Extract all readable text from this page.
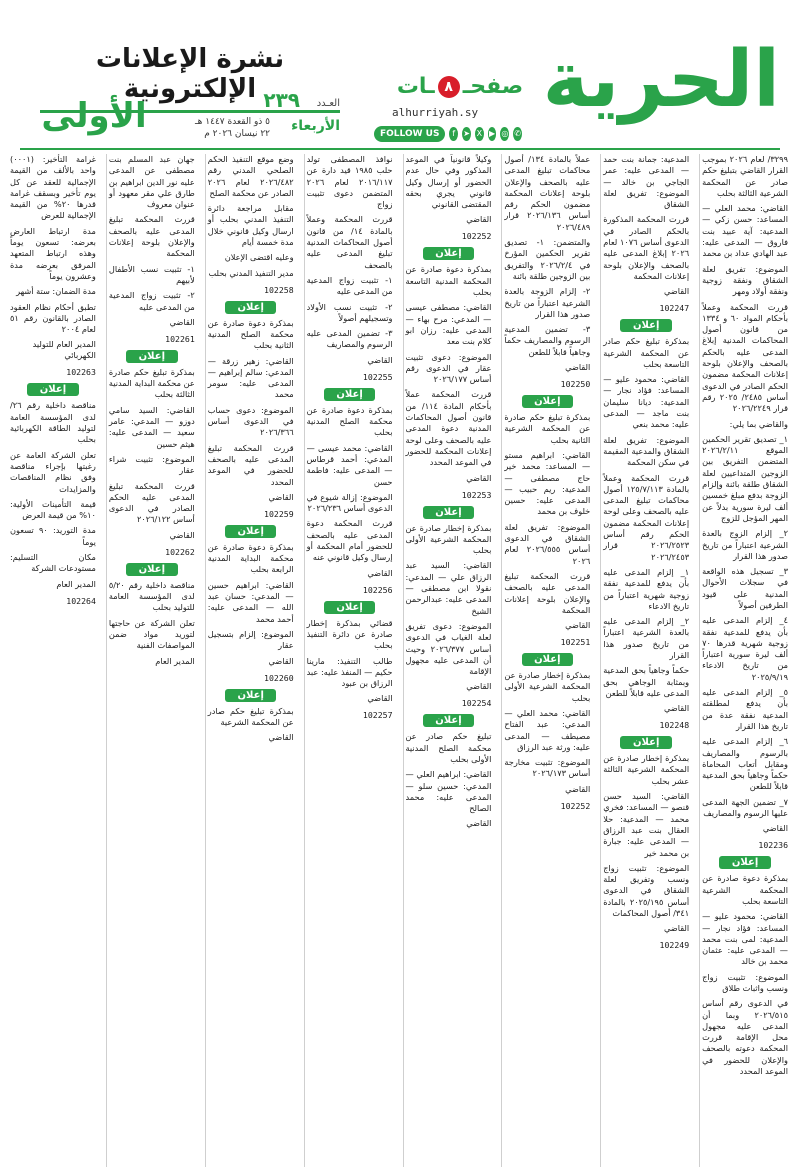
الحرية
صفحـ٨ـات
alhurriyah.sy
FOLLOW US	f ➤ X ▶ ◎ ✆
نشرة الإعلانات الإلكترونية
الأولى	العـدد
٢٣٩
الأربعاء
٥ ذو القعدة ١٤٤٧ هـ
٢٢ نيسان ٢٠٢٦ م

٣٢٩٩/ لعام ٢٠٢٦ بموجب القرار القاضي بتبليغ حكم صادر عن المحكمة الشرعية الثالثة بحلب

القاضي: محمد العلي — المساعد: حسن زكي — المدعية: آية عبيد بنت فاروق — المدعى عليه: عبد الهادي عداد بن محمد

الموضوع: تفريق لعلة الشقاق ونفقة زوجية ونفقة أولاد ومهر

قررت المحكمة وعملاً بأحكام المواد ٦٠ و ١٣٣٤ من قانون أصول المحاكمات المدنية إبلاغ المدعى عليه بالحكم بالصحف والإعلان بلوحة إعلانات المحكمة مضمون الحكم الصادر في الدعوى أساس ٢٤٨٥/ ٢٠٢٥ رقم قرار ٢٠٢٦/٢٢٤٩

والقاضي بما يلي:

١_ تصديق تقرير الحكمين الموقع ٢٠٢٦/٢/١١ المتضمن التفريق بين الزوجين المتداعيين لعلة الشقاق طلقة بائنة وإلزام الزوجة بدفع مبلغ خمسين ألف ليرة سورية بدلاً عن المهر المؤجل للزوج

٢_ إلزام الزوج بالعدة الشرعية اعتباراً من تاريخ صدور هذا القرار

٣_ تسجيل هذه الواقعة في سجلات الأحوال المدنية على قيود الطرفين أصولاً

٤_ إلزام المدعى عليه بأن يدفع للمدعية نفقة زوجية شهرية قدرها ٧٠ ألف ليرة سورية اعتباراً من تاريخ الادعاء ٢٠٢٥/٩/١٩

٥_ إلزام المدعى عليه بأن يدفع لمطلقته المدعية نفقة عدة من تاريخ هذا القرار

٦_ إلزام المدعى عليه بالرسوم والمصاريف ومقابل أتعاب المحاماة حكماً وجاهياً بحق المدعية قابلاً للطعن

٧_ تضمين الجهة المدعى عليها الرسوم والمصاريف

القاضي
102236
إعلان

بمذكرة دعوة صادرة عن المحكمة الشرعية التاسعة بحلب

القاضي: محمود عليو — المساعد: فؤاد نجار — المدعية: لمى بنت محمد — المدعى عليه: عثمان محمد بن خالد

الموضوع: تثبيت زواج ونسب واثبات طلاق

في الدعوى رقم أساس ٢٠٢٦/٥١٥ وبما أن المدعى عليه مجهول محل الإقامة قررت المحكمة دعوته بالصحف والإعلان للحضور في الموعد المحدد

المدعية: جمانة بنت حمد — المدعى عليه: عمر الجاجي بن خالد — الموضوع: تفريق لعلة الشقاق

قررت المحكمة المذكورة بالحكم الصادر في الدعوى أساس ١٠٧٦ لعام ٢٠٢٦ إبلاغ المدعى عليه بالصحف والإعلان بلوحة إعلانات المحكمة

القاضي
102247
إعلان

بمذكرة تبليغ حكم صادر عن المحكمة الشرعية التاسعة بحلب

القاضي: محمود عليو — المساعد: فؤاد نجار — المدعية: ديانا سليمان بنت ماجد — المدعى عليه: محمد بنعي

الموضوع: تفريق لعلة الشقاق والمدعية المقيمة في سكن المحكمة

قررت المحكمة وعملاً بالمادة ١٢٥/٧/١١٣ أصول محاكمات تبليغ المدعى عليه بالصحف وعلى لوحة إعلانات المحكمة مضمون الحكم رقم أساس ٢٠٢٦/٢٥٢٣ قرار ٢٠٢٦/٢٤٥٣

١_ إلزام المدعى عليه بأن يدفع للمدعية نفقة زوجية شهرية اعتباراً من تاريخ الادعاء

٢_ إلزام المدعى عليه بالعدة الشرعية اعتباراً من تاريخ صدور هذا القرار

حكماً وجاهياً بحق المدعية وبمثابة الوجاهي بحق المدعى عليه قابلاً للطعن

القاضي
102248
إعلان

بمذكرة إخطار صادرة عن المحكمة الشرعية الثالثة عشر بحلب

القاضي: السيد حسن قنصو — المساعد: فخري محمد — المدعية: حلا العقال بنت عبد الرزاق — المدعى عليه: جبارة بن محمد خير

الموضوع: تثبيت زواج ونسب وتفريق لعلة الشقاق في الدعوى أساس ٢٠٢٥/١٩٥ بالمادة ٣٤١/ أصول المحاكمات

القاضي
102249

عملاً بالمادة ١٣٤/ أصول محاكمات تبليغ المدعى عليه بالصحف والإعلان بلوحة إعلانات المحكمة مضمون الحكم رقم أساس ٢٠٢٦/١٣٦ قرار ٢٠٢٦/٤٨٩

والمتضمن: ١- تصديق تقرير الحكمين المؤرخ في ٢٠٢٦/٢/٤ والتفريق بين الزوجين طلقة بائنة

٢- إلزام الزوجة بالعدة الشرعية اعتباراً من تاريخ صدور هذا القرار

٣- تضمين المدعية الرسوم والمصاريف حكماً وجاهياً قابلاً للطعن

القاضي
102250
إعلان

بمذكرة تبليغ حكم صادرة عن المحكمة الشرعية الثانية بحلب

القاضي: ابراهيم مستو — المساعد: محمد خير حاج مصطفى — المدعية: ريم حبيب — المدعى عليه: حسين خلوف بن محمد

الموضوع: تفريق لعلة الشقاق في الدعوى أساس ٢٠٢٦/٥٥٥ لعام ٢٠٢٦

قررت المحكمة تبليغ المدعى عليه بالصحف والإعلان بلوحة إعلانات المحكمة

القاضي
102251
إعلان

بمذكرة إخطار صادرة عن المحكمة الشرعية الأولى بحلب

القاضي: محمد العلي — المدعي: عبد الفتاح مصيطف — المدعى عليه: ورثة عبد الرزاق

الموضوع: تثبيت مخارجة أساس ٢٠٢٦/١٧٣

القاضي
102252

وكيلاً قانونياً في الموعد المذكور وفي حال عدم الحضور أو إرسال وكيل قانوني يجري بحقه المقتضى القانوني

القاضي
102252
إعلان

بمذكرة دعوة صادرة عن المحكمة المدنية التاسعة بحلب

القاضي: مصطفى عيسى — المدعي: مرح بهاء — المدعى عليه: رزان ابو كلام بنت معد

الموضوع: دعوى تثبيت عقار في الدعوى رقم أساس ٢٠٢٦/١٧٧

قررت المحكمة عملاً بأحكام المادة ١١٤/ من قانون أصول المحاكمات المدنية دعوة المدعى عليه بالصحف وعلى لوحة إعلانات المحكمة للحضور في الموعد المحدد

القاضي
102253
إعلان

بمذكرة إخطار صادرة عن المحكمة الشرعية الأولى بحلب

القاضي: السيد عبد الرزاق علي — المدعي: نقولا ابن مصطفى — المدعى عليه: عبدالرحمن الشيخ

الموضوع: دعوى تفريق لعلة الغياب في الدعوى أساس ٢٠٢٦/٣٧٧ وحيث أن المدعى عليه مجهول الإقامة

القاضي
102254
إعلان

تبليغ حكم صادر عن محكمة الصلح المدنية الأولى بحلب

القاضي: ابراهيم العلي — المدعي: حسين سلو — المدعى عليه: محمد الصالح

القاضي

نوافذ المصطفى تولد حلب ١٩٨٥ قيد دارة عن ٢٠١٦/١١٧ لعام ٢٠٢٦ المتضمن دعوى تثبيت زواج

قررت المحكمة وعملاً بالمادة ١٤/ من قانون أصول المحاكمات المدنية تبليغ المدعى عليه بالصحف

١- تثبيت زواج المدعية من المدعى عليه

٢- تثبيت نسب الأولاد وتسجيلهم أصولاً

٣- تضمين المدعى عليه الرسوم والمصاريف

القاضي
102255
إعلان

بمذكرة دعوة صادرة عن محكمة الصلح المدنية بحلب

القاضي: محمد عيسى — المدعي: أحمد قرطاس — المدعى عليه: فاطمة حسن

الموضوع: إزالة شيوع في الدعوى أساس ٢٠٢٦/٢٣٦

قررت المحكمة دعوة المدعى عليه بالصحف للحضور أمام المحكمة أو إرسال وكيل قانوني عنه

القاضي
102256
إعلان

قضائي بمذكرة إخطار صادرة عن دائرة التنفيذ بحلب

طالب التنفيذ: مارينا حكيم — المنفذ عليه: عبد الرزاق بن عبود

القاضي
102257

وضع موقع التنفيذ الحكم الصلحي المدني رقم ٢٠٢٦/٤٨٢ لعام ٢٠٢٦ الصادر عن محكمة الصلح

مقابل مراجعة دائرة التنفيذ المدني بحلب أو ارسال وكيل قانوني خلال مدة خمسة أيام

وعليه اقتضى الإعلان

مدير التنفيذ المدني بحلب
102258
إعلان

بمذكرة دعوة صادرة عن محكمة الصلح المدنية الثانية بحلب

القاضي: زهير زرقة — المدعي: سالم إبراهيم — المدعى عليه: سومر محمد

الموضوع: دعوى حساب في الدعوى أساس ٢٠٢٦/٣٦٦

قررت المحكمة تبليغ المدعى عليه بالصحف للحضور في الموعد المحدد

القاضي
102259
إعلان

بمذكرة دعوة صادرة عن محكمة البداية المدنية الرابعة بحلب

القاضي: ابراهيم حسين — المدعي: حسان عبد الله — المدعى عليه: أحمد محمد

الموضوع: إلزام بتسجيل عقار

القاضي
102260
إعلان

بمذكرة تبليغ حكم صادر عن المحكمة الشرعية

القاضي

جهان عبد المسلم بنت مصطفى عن المدعى عليه نور الدين ابراهيم بن طارق علي مقر معهود أو عنوان معروف

قررت المحكمة تبليغ المدعى عليه بالصحف والإعلان بلوحة إعلانات المحكمة

١- تثبيت نسب الأطفال لأبيهم

٢- تثبيت زواج المدعية من المدعى عليه

القاضي
102261
إعلان

بمذكرة تبليغ حكم صادرة عن محكمة البداية المدنية الثالثة بحلب

القاضي: السيد سامي دوزو — المدعي: عامر سعيد — المدعى عليه: هيثم حسين

الموضوع: تثبيت شراء عقار

قررت المحكمة تبليغ المدعى عليه الحكم الصادر في الدعوى أساس ٢٠٢٦/١٢٢

القاضي
102262
إعلان

مناقصة داخلية رقم ٥/٢٠ لدى المؤسسة العامة للتوليد بحلب

تعلن الشركة عن حاجتها لتوريد مواد ضمن المواصفات الفنية

المدير العام

غرامة التأخير: (٠٠٠١) واحد بالألف من القيمة الإجمالية للعقد عن كل يوم تأخير وبسقف غرامة قدرها ٢٠% من القيمة الإجمالية للعرض

مدة ارتباط العارض بعرضه: تسعون يوماً وهذه ارتباط المتعهد المرفق بعرضه مدة وعشرون يوماً

مدة الضمان: ستة أشهر

تطبق أحكام نظام العقود الصادر بالقانون رقم ٥١ لعام ٢٠٠٤

المدير العام للتوليد الكهربائي
102263
إعلان

مناقصة داخلية رقم ٢٦/ لدى المؤسسة العامة لتوليد الطاقة الكهربائية بحلب

تعلن الشركة العامة عن رغبتها بإجراء مناقصة وفق نظام المناقصات والمزايدات

قيمة التأمينات الأولية: ١٠% من قيمة العرض

مدة التوريد: ٩٠ تسعون يوماً

مكان التسليم: مستودعات الشركة

المدير العام
102264
